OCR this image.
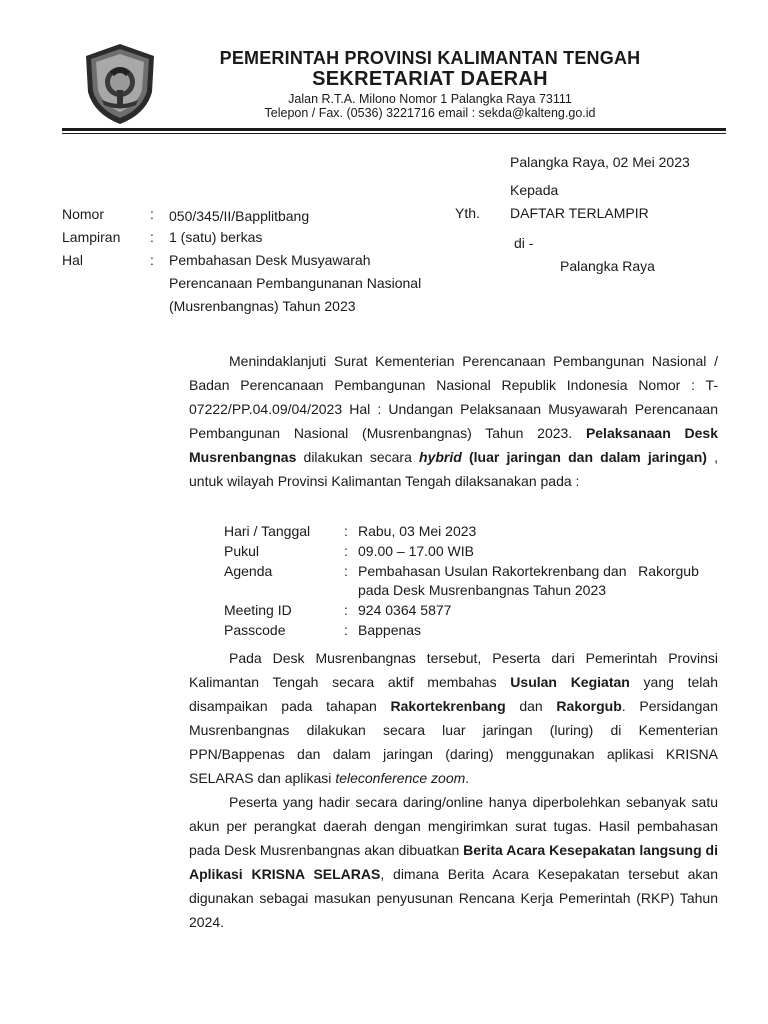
PEMERINTAH PROVINSI KALIMANTAN TENGAH
SEKRETARIAT DAERAH
Jalan R.T.A. Milono Nomor 1 Palangka Raya 73111
Telepon / Fax. (0536) 3221716 email : sekda@kalteng.go.id
Palangka Raya, 02 Mei 2023
Kepada
Yth. DAFTAR TERLAMPIR
di -
Palangka Raya
Nomor	: 050/345/II/Bapplitbang
Lampiran : 1 (satu) berkas
Hal	: Pembahasan Desk Musyawarah
Perencanaan Pembangunanan Nasional
(Musrenbangnas) Tahun 2023
Menindaklanjuti Surat Kementerian Perencanaan Pembangunan Nasional / Badan Perencanaan Pembangunan Nasional Republik Indonesia Nomor : T-07222/PP.04.09/04/2023 Hal : Undangan Pelaksanaan Musyawarah Perencanaan Pembangunan Nasional (Musrenbangnas) Tahun 2023. Pelaksanaan Desk Musrenbangnas dilakukan secara hybrid (luar jaringan dan dalam jaringan) , untuk wilayah Provinsi Kalimantan Tengah dilaksanakan pada :
Hari / Tanggal : Rabu, 03 Mei 2023
Pukul	: 09.00 – 17.00 WIB
Agenda	: Pembahasan Usulan Rakortekrenbang dan   Rakorgub
pada Desk Musrenbangnas Tahun 2023
Meeting ID	: 924 0364 5877
Passcode	: Bappenas
Pada Desk Musrenbangnas tersebut, Peserta dari Pemerintah Provinsi Kalimantan Tengah secara aktif membahas Usulan Kegiatan yang telah disampaikan pada tahapan Rakortekrenbang dan Rakorgub. Persidangan Musrenbangnas dilakukan secara luar jaringan (luring) di Kementerian PPN/Bappenas dan dalam jaringan (daring) menggunakan aplikasi KRISNA SELARAS dan aplikasi teleconference zoom.
Peserta yang hadir secara daring/online hanya diperbolehkan sebanyak satu akun per perangkat daerah dengan mengirimkan surat tugas. Hasil pembahasan pada Desk Musrenbangnas akan dibuatkan Berita Acara Kesepakatan langsung di Aplikasi KRISNA SELARAS, dimana Berita Acara Kesepakatan tersebut akan digunakan sebagai masukan penyusunan Rencana Kerja Pemerintah (RKP) Tahun 2024.
